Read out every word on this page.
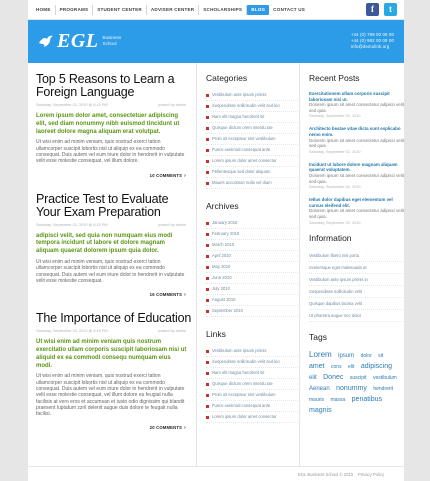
HOME	PROGRAMS	STUDENT CENTER	ADVISER CENTER	SCHOLARSHIPS	BLOG	CONTACT US	f	t
EGL Business
School
+44 (0) 789 00 00 00
+44 (0) 982 00 00 00
info@demolink.org
Top 5 Reasons to Learn a Foreign Language
Saturday, September 02, 2010 @ 8:15 PM	posted by admin

Lorem ipsum dolor amet, consectetuer adipiscing elit, sed diam nonummy nibh euismod tincidunt ut laoreet dolore magna aliquam erat volutpat.

Ut wisi enim ad minim veniam, quis nostrud exerci tation ullamcorper suscipit lobortis nisl ut aliquip ex ea commodo consequat. Duis autem vel eum iriure dolor in hendrerit in vulputate velit esse molestie consequat, vel illum dolore.

10 COMMENTS ›
Practice Test to Evaluate Your Exam Preparation
Saturday, September 02, 2010 @ 8:15 PM	posted by admin

adipisci velit, sed quia non numquam eius modi tempora incidunt ut labore et dolore magnam aliquam quaerat dolorem ipsum quia dolor.

Ut wisi enim ad minim veniam, quis nostrud exerci tation ullamcorper suscipit lobortis nisl ut aliquip ex ea commodo consequat. Duis autem vel eum iriure dolor in hendrerit in vulputate velit esse molestie consequat.

16 COMMENTS ›
The Importance of Education
Saturday, September 02, 2010 @ 8:15 PM	posted by admin

Ut wisi enim ad minim veniam quis nostrum exercitatio ullam corporis suscipit laboriosam nisi ut aliquid ex ea commodi consequ numquam eius modi.

Ut wisi enim ad minim veniam, quis nostrud exerci tation ullamcorper suscipit lobortis nisl ut aliquip ex ea commodo consequat. Duis autem vel eum iriure dolor in hendrerit in vulputate velit esse molestie consequat, vel illum dolore eu feugiat nulla facilisis at vero eros et accumsan et iusto odio dignissim qui blandit praesent luptatum zzril delenit augue duis dolore te feugait nulla facilisi.

20 COMMENTS ›
Categories
Vestibulum ante ipsum primis
Suspendisse sollicitudin velit sed leo
Nam elit magna hendrerit sit
Quisque dictum orem interdu tae
Proin sit excepteur sint vestibulum
Fusce euismod consequat ante
Lorem ipsum dolor amet consectur
Pellentesque sed dolor aliquam
Mauris accumsan nulla vel diam
Archives
January 2010
February 2010
March 2010
April 2010
May 2010
June 2010
July 2010
August 2010
September 2010
Links
Vestibulum ante ipsum primis
Suspendisse sollicitudin velit sed leo
Nam elit magna hendrerit sit
Quisque dictum orem interdu tae
Proin sit excepteur sint vestibulum
Fusce euismod consequat ante
Lorem ipsum dolor amet consectur
Recent Posts
Exercitationem ullam corporis suscipit laboriosam nisi ut.
Dolorem ipsum sit amet consectetur adipisci velit sed quia.
Saturday, September 02, 2010
Architecto beatae vitae dicta sunt explicabo nemo enim.
Dolorem ipsum sit amet consectetur adipisci velit sed quia.
Saturday, September 02, 2010
Incidunt ut labore dolore magnam aliquam quaerat voluptatem.
Dolorem ipsum sit amet consectetur adipisci velit sed quia.
Saturday, September 02, 2010
tellus dolor dapibus eget elementum vel cursus eleifend elit.
Dolorem ipsum sit amet consectetur adipisci velit sed quia.
Saturday, September 02, 2010
Information
Vestibulum libero nisl porta
Scelerisque eget malesuada at
Vestibulum ante ipsum primis in
Suspendisse sollicitudin velit
Quisque dapibus lacinia velit
Ut pharetra augue nec dolor
Tags
Lorem ipsum dolor sit amet cons elit adipiscing elit Donec suscipit vestibulum Aenean nonummy hendrerit mauris massa penatibus magnis
EGL Business School © 2010 Privacy Policy
